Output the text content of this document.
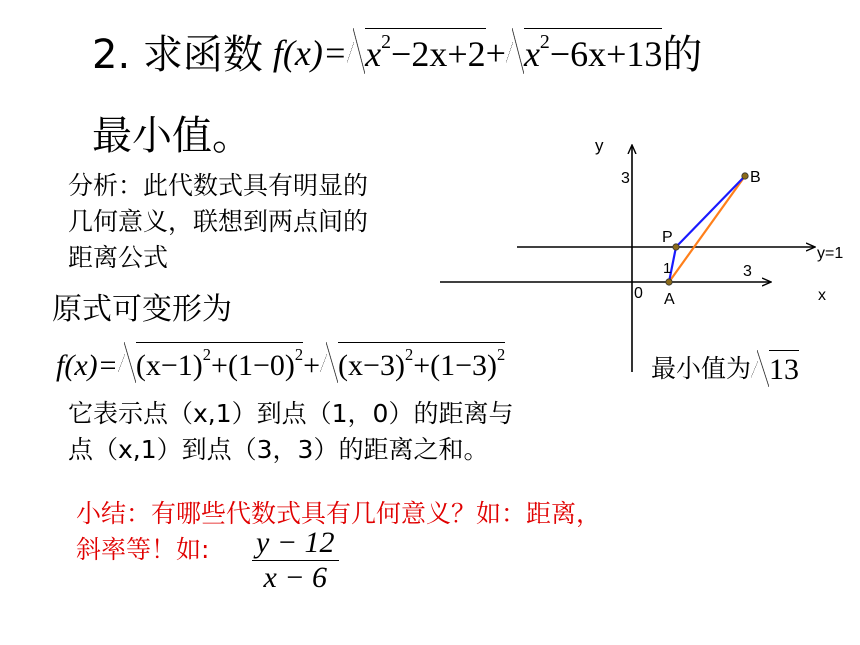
2. 求函数 $f(x)= x^2-2x+2 + x^2-6x+13$ 的
最小值。
分析：此代数式具有明显的
几何意义，联想到两点间的
距离公式
原式可变形为
$f(x)= (x-1)^2+(1-0)^2 + (x-3)^2+(1-3)^2$
它表示点（x,1）到点（1，0）的距离与
点（x,1）到点（3，3）的距离之和。
小结：有哪些代数式具有几何意义？如：距离，
斜率等！如: $\frac{y - 12}{x - 6}$
y
3	B
P
y=1
1	3
0 A	x
最小值为 13
